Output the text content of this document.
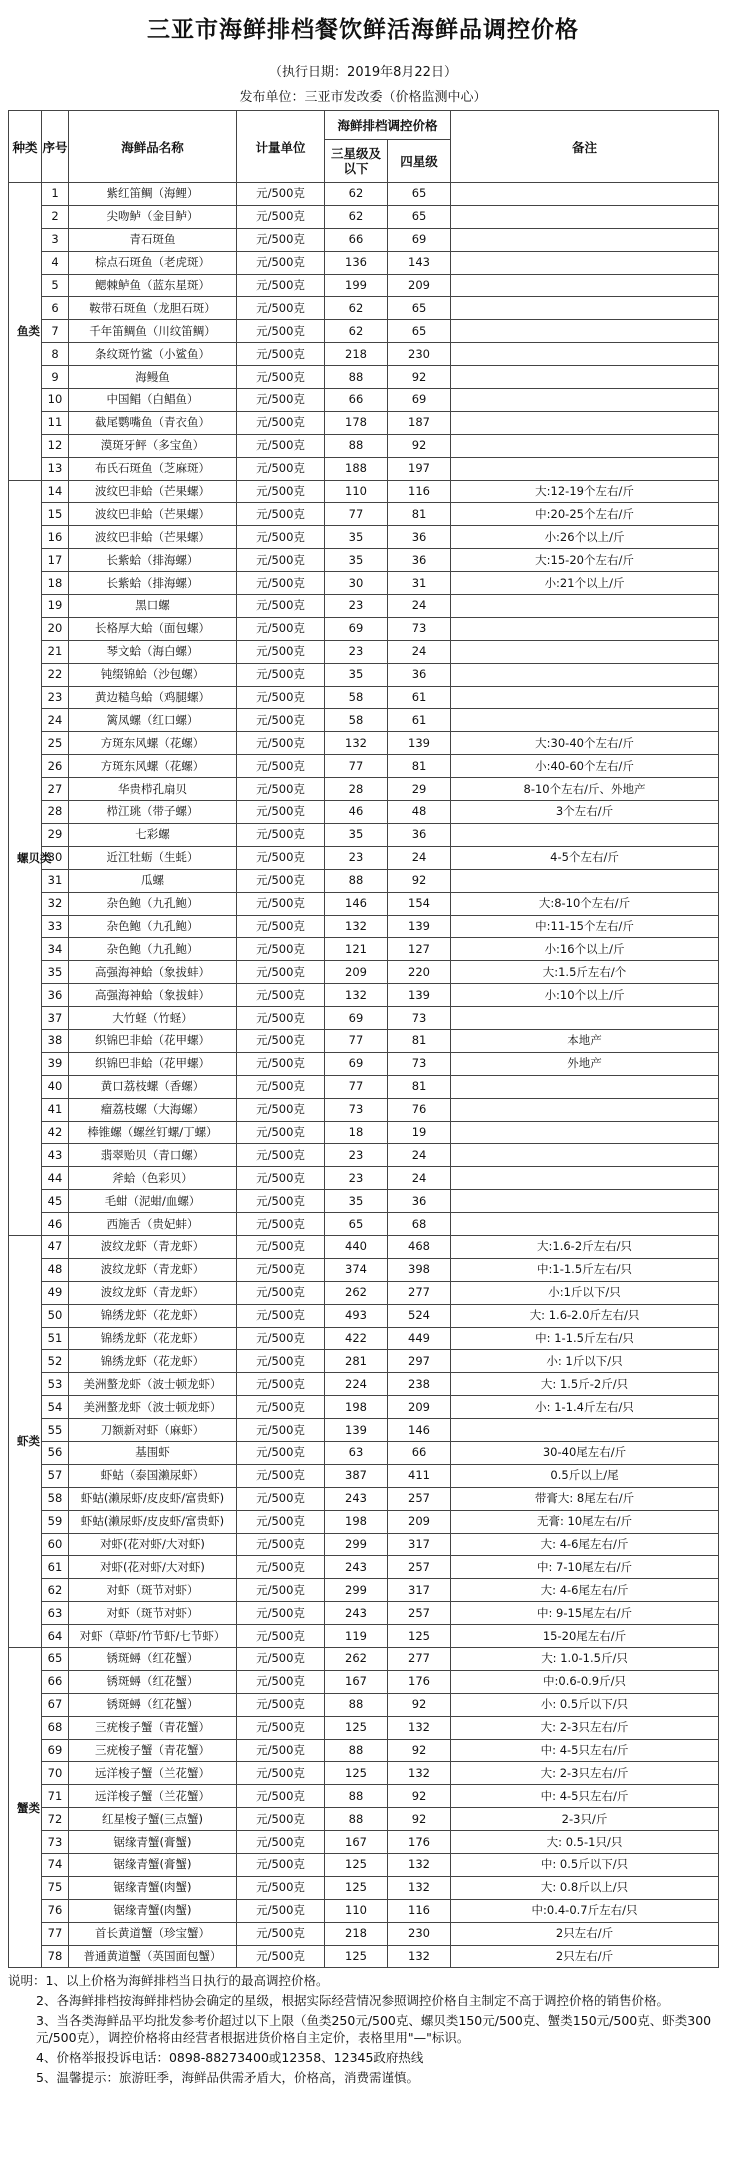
三亚市海鲜排档餐饮鲜活海鲜品调控价格
（执行日期：2019年8月22日）
发布单位：三亚市发改委（价格监测中心）
种类	序号	海鲜品名称	计量单位	海鲜排档调控价格		备注
				三星级及以下	四星级	

鱼类	1	紫红笛鲷（海鲤）	元/500克	62	65	
	2	尖吻鲈（金目鲈）	元/500克	62	65	
	3	青石斑鱼	元/500克	66	69	
	4	棕点石斑鱼（老虎斑）	元/500克	136	143	
	5	鳃棘鲈鱼（蓝东星斑）	元/500克	199	209	
	6	鞍带石斑鱼（龙胆石斑）	元/500克	62	65	
	7	千年笛鲷鱼（川纹笛鲷）	元/500克	62	65	
	8	条纹斑竹鲨（小鲨鱼）	元/500克	218	230	
	9	海鳗鱼	元/500克	88	92	
	10	中国鲳（白鲳鱼）	元/500克	66	69	
	11	截尾鹦嘴鱼（青衣鱼）	元/500克	178	187	
	12	漠斑牙鲆（多宝鱼）	元/500克	88	92	
	13	布氏石斑鱼（芝麻斑）	元/500克	188	197	

螺贝类	14	波纹巴非蛤（芒果螺）	元/500克	110	116	大:12-19个左右/斤
	15	波纹巴非蛤（芒果螺）	元/500克	77	81	中:20-25个左右/斤
	16	波纹巴非蛤（芒果螺）	元/500克	35	36	小:26个以上/斤
	17	长紫蛤（排海螺）	元/500克	35	36	大:15-20个左右/斤
	18	长紫蛤（排海螺）	元/500克	30	31	小:21个以上/斤
	19	黑口螺	元/500克	23	24	
	20	长格厚大蛤（面包螺）	元/500克	69	73	
	21	琴文蛤（海白螺）	元/500克	23	24	
	22	钝缀锦蛤（沙包螺）	元/500克	35	36	
	23	黄边糙鸟蛤（鸡腿螺）	元/500克	58	61	
	24	篱凤螺（红口螺）	元/500克	58	61	
	25	方斑东风螺（花螺）	元/500克	132	139	大:30-40个左右/斤
	26	方斑东风螺（花螺）	元/500克	77	81	小:40-60个左右/斤
	27	华贵栉孔扇贝	元/500克	28	29	8-10个左右/斤、外地产
	28	栉江珧（带子螺）	元/500克	46	48	3个左右/斤
	29	七彩螺	元/500克	35	36	
	30	近江牡蛎（生蚝）	元/500克	23	24	4-5个左右/斤
	31	瓜螺	元/500克	88	92	
	32	杂色鲍（九孔鲍）	元/500克	146	154	大:8-10个左右/斤
	33	杂色鲍（九孔鲍）	元/500克	132	139	中:11-15个左右/斤
	34	杂色鲍（九孔鲍）	元/500克	121	127	小:16个以上/斤
	35	高强海神蛤（象拔蚌）	元/500克	209	220	大:1.5斤左右/个
	36	高强海神蛤（象拔蚌）	元/500克	132	139	小:10个以上/斤
	37	大竹蛏（竹蛏）	元/500克	69	73	
	38	织锦巴非蛤（花甲螺）	元/500克	77	81	本地产
	39	织锦巴非蛤（花甲螺）	元/500克	69	73	外地产
	40	黄口荔枝螺（香螺）	元/500克	77	81	
	41	瘤荔枝螺（大海螺）	元/500克	73	76	
	42	棒锥螺（螺丝钉螺/丁螺）	元/500克	18	19	
	43	翡翠贻贝（青口螺）	元/500克	23	24	
	44	斧蛤（色彩贝）	元/500克	23	24	
	45	毛蚶（泥蚶/血螺）	元/500克	35	36	
	46	西施舌（贵妃蚌）	元/500克	65	68	

虾类	47	波纹龙虾（青龙虾）	元/500克	440	468	大:1.6-2斤左右/只
	48	波纹龙虾（青龙虾）	元/500克	374	398	中:1-1.5斤左右/只
	49	波纹龙虾（青龙虾）	元/500克	262	277	小:1斤以下/只
	50	锦绣龙虾（花龙虾）	元/500克	493	524	大: 1.6-2.0斤左右/只
	51	锦绣龙虾（花龙虾）	元/500克	422	449	中: 1-1.5斤左右/只
	52	锦绣龙虾（花龙虾）	元/500克	281	297	小: 1斤以下/只
	53	美洲螯龙虾（波士顿龙虾）	元/500克	224	238	大: 1.5斤-2斤/只
	54	美洲螯龙虾（波士顿龙虾）	元/500克	198	209	小: 1-1.4斤左右/只
	55	刀额新对虾（麻虾）	元/500克	139	146	
	56	基围虾	元/500克	63	66	30-40尾左右/斤
	57	虾蛄（泰国濑尿虾）	元/500克	387	411	0.5斤以上/尾
	58	虾蛄(濑尿虾/皮皮虾/富贵虾)	元/500克	243	257	带膏大: 8尾左右/斤
	59	虾蛄(濑尿虾/皮皮虾/富贵虾)	元/500克	198	209	无膏: 10尾左右/斤
	60	对虾(花对虾/大对虾)	元/500克	299	317	大: 4-6尾左右/斤
	61	对虾(花对虾/大对虾)	元/500克	243	257	中: 7-10尾左右/斤
	62	对虾（斑节对虾）	元/500克	299	317	大: 4-6尾左右/斤
	63	对虾（斑节对虾）	元/500克	243	257	中: 9-15尾左右/斤
	64	对虾（草虾/竹节虾/七节虾）	元/500克	119	125	15-20尾左右/斤

蟹类	65	锈斑蟳（红花蟹）	元/500克	262	277	大: 1.0-1.5斤/只
	66	锈斑蟳（红花蟹）	元/500克	167	176	中:0.6-0.9斤/只
	67	锈斑蟳（红花蟹）	元/500克	88	92	小: 0.5斤以下/只
	68	三疣梭子蟹（青花蟹）	元/500克	125	132	大: 2-3只左右/斤
	69	三疣梭子蟹（青花蟹）	元/500克	88	92	中: 4-5只左右/斤
	70	远洋梭子蟹（兰花蟹）	元/500克	125	132	大: 2-3只左右/斤
	71	远洋梭子蟹（兰花蟹）	元/500克	88	92	中: 4-5只左右/斤
	72	红星梭子蟹(三点蟹)	元/500克	88	92	2-3只/斤
	73	锯缘青蟹(膏蟹)	元/500克	167	176	大: 0.5-1只/只
	74	锯缘青蟹(膏蟹)	元/500克	125	132	中: 0.5斤以下/只
	75	锯缘青蟹(肉蟹)	元/500克	125	132	大: 0.8斤以上/只
	76	锯缘青蟹(肉蟹)	元/500克	110	116	中:0.4-0.7斤左右/只
	77	首长黄道蟹（珍宝蟹）	元/500克	218	230	2只左右/斤
	78	普通黄道蟹（英国面包蟹）	元/500克	125	132	2只左右/斤
说明：1、以上价格为海鲜排档当日执行的最高调控价格。
2、各海鲜排档按海鲜排档协会确定的星级，根据实际经营情况参照调控价格自主制定不高于调控价格的销售价格。
3、当各类海鲜品平均批发参考价超过以下上限（鱼类250元/500克、螺贝类150元/500克、蟹类150元/500克、虾类300元/500克），调控价格将由经营者根据进货价格自主定价，表格里用"—"标识。
4、价格举报投诉电话：0898-88273400或12358、12345政府热线
5、温馨提示：旅游旺季，海鲜品供需矛盾大，价格高，消费需谨慎。
